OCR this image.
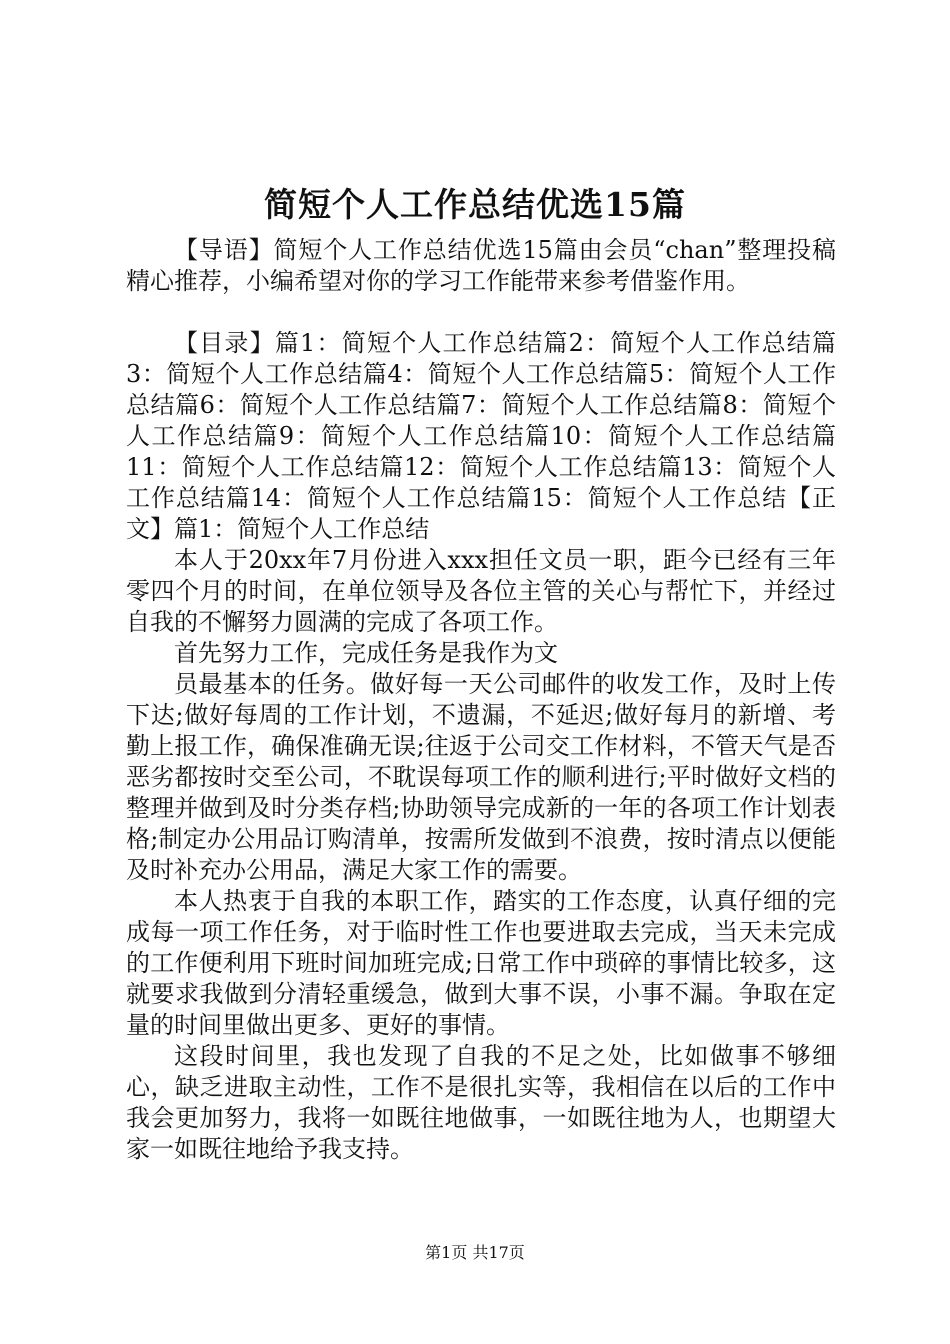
简短个人工作总结优选15篇

【导语】简短个人工作总结优选15篇由会员“chan”整理投稿精心推荐，小编希望对你的学习工作能带来参考借鉴作用。

【目录】篇1：简短个人工作总结篇2：简短个人工作总结篇3：简短个人工作总结篇4：简短个人工作总结篇5：简短个人工作总结篇6：简短个人工作总结篇7：简短个人工作总结篇8：简短个人工作总结篇9：简短个人工作总结篇10：简短个人工作总结篇11：简短个人工作总结篇12：简短个人工作总结篇13：简短个人工作总结篇14：简短个人工作总结篇15：简短个人工作总结【正文】篇1：简短个人工作总结

本人于20xx年7月份进入xxx担任文员一职，距今已经有三年零四个月的时间，在单位领导及各位主管的关心与帮忙下，并经过自我的不懈努力圆满的完成了各项工作。

首先努力工作，完成任务是我作为文

员最基本的任务。做好每一天公司邮件的收发工作，及时上传下达;做好每周的工作计划，不遗漏，不延迟;做好每月的新增、考勤上报工作，确保准确无误;往返于公司交工作材料，不管天气是否恶劣都按时交至公司，不耽误每项工作的顺利进行;平时做好文档的整理并做到及时分类存档;协助领导完成新的一年的各项工作计划表格;制定办公用品订购清单，按需所发做到不浪费，按时清点以便能及时补充办公用品，满足大家工作的需要。

本人热衷于自我的本职工作，踏实的工作态度，认真仔细的完成每一项工作任务，对于临时性工作也要进取去完成，当天未完成的工作便利用下班时间加班完成;日常工作中琐碎的事情比较多，这就要求我做到分清轻重缓急，做到大事不误，小事不漏。争取在定量的时间里做出更多、更好的事情。

这段时间里，我也发现了自我的不足之处，比如做事不够细心，缺乏进取主动性，工作不是很扎实等，我相信在以后的工作中我会更加努力，我将一如既往地做事，一如既往地为人，也期望大家一如既往地给予我支持。

第1页 共17页
